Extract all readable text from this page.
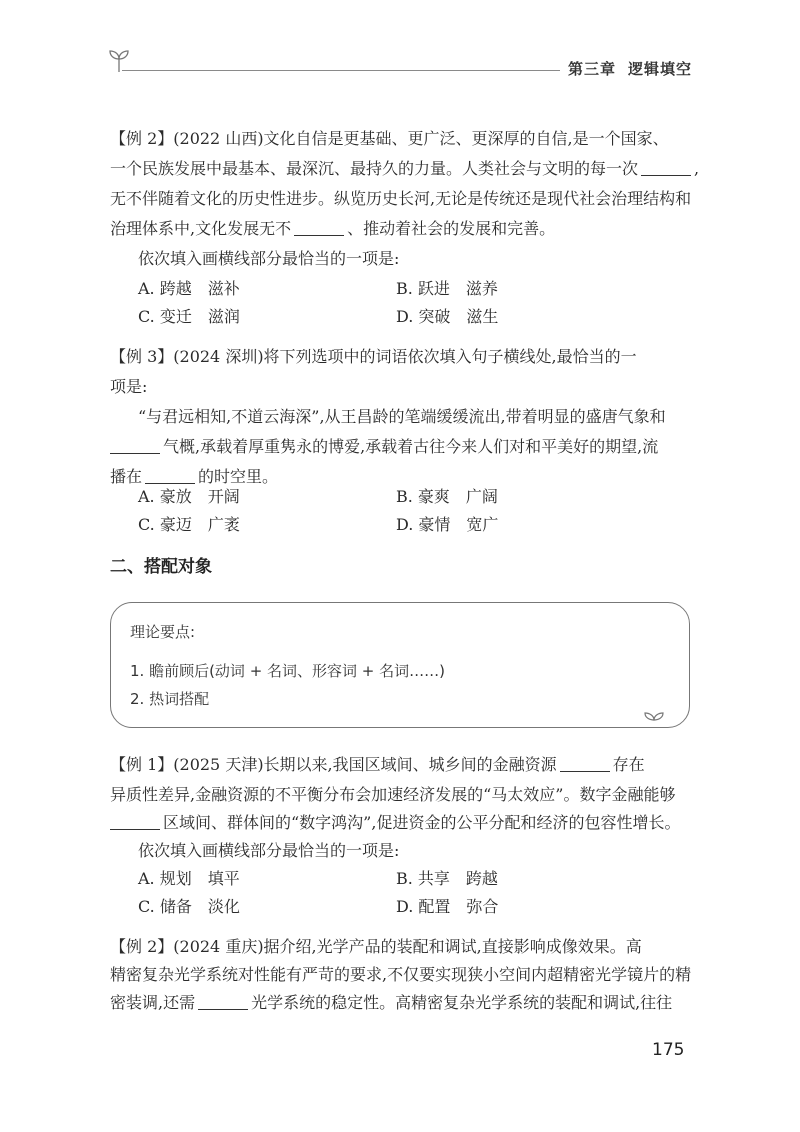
第三章 逻辑填空
【例 2】(2022 山西)文化自信是更基础、更广泛、更深厚的自信,是一个国家、
一个民族发展中最基本、最深沉、最持久的力量。人类社会与文明的每一次	,
无不伴随着文化的历史性进步。纵览历史长河,无论是传统还是现代社会治理结构和
治理体系中,文化发展无不	、推动着社会的发展和完善。
依次填入画横线部分最恰当的一项是:
A. 跨越　滋补	B. 跃进　滋养
C. 变迁　滋润	D. 突破　滋生
【例 3】(2024 深圳)将下列选项中的词语依次填入句子横线处,最恰当的一
项是:
“与君远相知,不道云海深”,从王昌龄的笔端缓缓流出,带着明显的盛唐气象和
气概,承载着厚重隽永的博爱,承载着古往今来人们对和平美好的期望,流
播在	的时空里。
A. 豪放　开阔	B. 豪爽　广阔
C. 豪迈　广袤	D. 豪情　宽广
二、搭配对象
理论要点:
1. 瞻前顾后(动词 + 名词、形容词 + 名词……)
2. 热词搭配
【例 1】(2025 天津)长期以来,我国区域间、城乡间的金融资源	存在
异质性差异,金融资源的不平衡分布会加速经济发展的“马太效应”。数字金融能够
区域间、群体间的“数字鸿沟”,促进资金的公平分配和经济的包容性增长。
依次填入画横线部分最恰当的一项是:
A. 规划　填平	B. 共享　跨越
C. 储备　淡化	D. 配置　弥合
【例 2】(2024 重庆)据介绍,光学产品的装配和调试,直接影响成像效果。高
精密复杂光学系统对性能有严苛的要求,不仅要实现狭小空间内超精密光学镜片的精
密装调,还需	光学系统的稳定性。高精密复杂光学系统的装配和调试,往往
175
